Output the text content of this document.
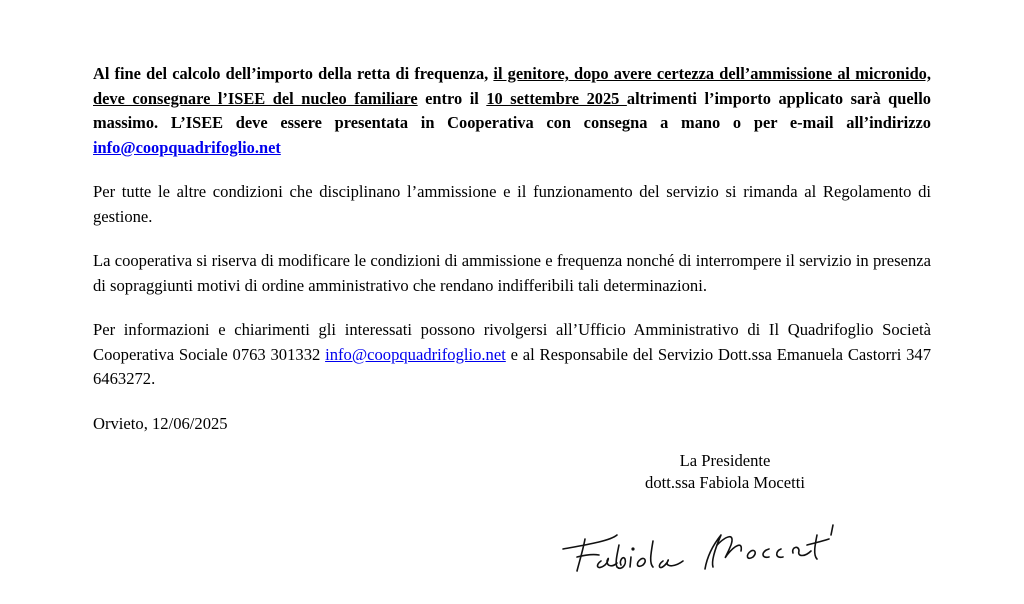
Al fine del calcolo dell’importo della retta di frequenza, il genitore, dopo avere certezza dell’ammissione al micronido, deve consegnare l’ISEE del nucleo familiare entro il 10 settembre 2025 altrimenti l’importo applicato sarà quello massimo. L’ISEE deve essere presentata in Cooperativa con consegna a mano o per e-mail all’indirizzo info@coopquadrifoglio.net

Per tutte le altre condizioni che disciplinano l’ammissione e il funzionamento del servizio si rimanda al Regolamento di gestione.

La cooperativa si riserva di modificare le condizioni di ammissione e frequenza nonché di interrompere il servizio in presenza di sopraggiunti motivi di ordine amministrativo che rendano indifferibili tali determinazioni.

Per informazioni e chiarimenti gli interessati possono rivolgersi all’Ufficio Amministrativo di Il Quadrifoglio Società Cooperativa Sociale 0763 301332 info@coopquadrifoglio.net e al Responsabile del Servizio Dott.ssa Emanuela Castorri 347 6463272.

Orvieto, 12/06/2025

La Presidente
dott.ssa Fabiola Mocetti
